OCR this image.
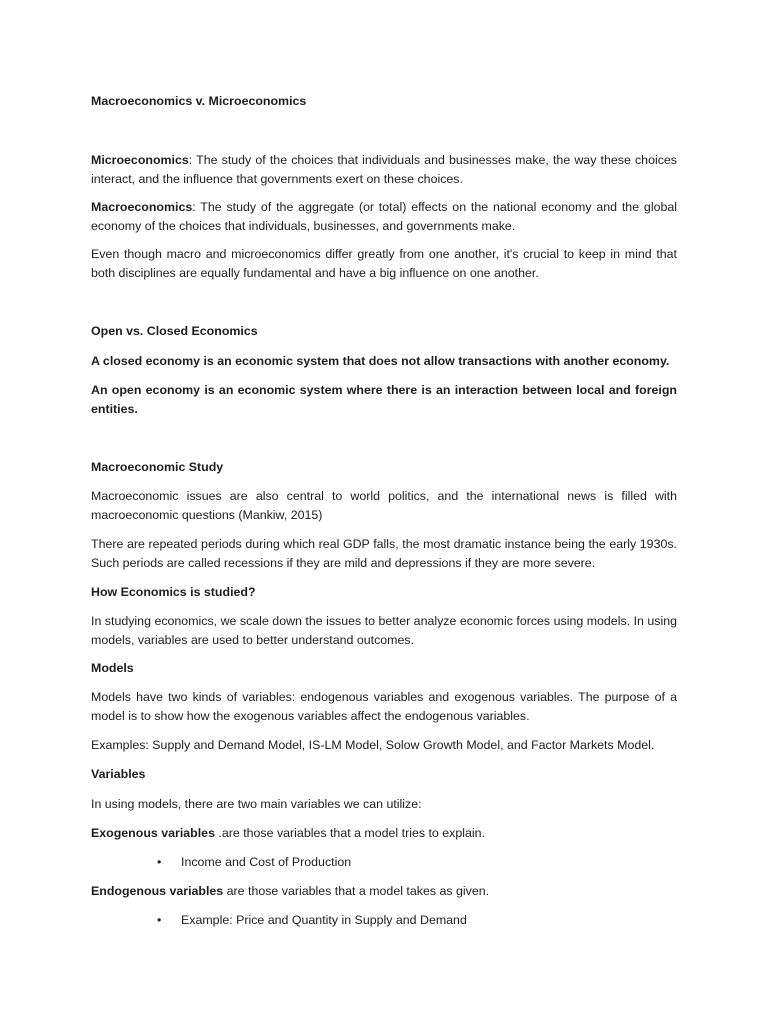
Macroeconomics v. Microeconomics

Microeconomics: The study of the choices that individuals and businesses make, the way these choices interact, and the influence that governments exert on these choices.

Macroeconomics: The study of the aggregate (or total) effects on the national economy and the global economy of the choices that individuals, businesses, and governments make.

Even though macro and microeconomics differ greatly from one another, it's crucial to keep in mind that both disciplines are equally fundamental and have a big influence on one another.

Open vs. Closed Economics

A closed economy is an economic system that does not allow transactions with another economy.

An open economy is an economic system where there is an interaction between local and foreign entities.

Macroeconomic Study

Macroeconomic issues are also central to world politics, and the international news is filled with macroeconomic questions (Mankiw, 2015)

There are repeated periods during which real GDP falls, the most dramatic instance being the early 1930s. Such periods are called recessions if they are mild and depressions if they are more severe.

How Economics is studied?

In studying economics, we scale down the issues to better analyze economic forces using models. In using models, variables are used to better understand outcomes.

Models

Models have two kinds of variables: endogenous variables and exogenous variables. The purpose of a model is to show how the exogenous variables affect the endogenous variables.

Examples: Supply and Demand Model, IS-LM Model, Solow Growth Model, and Factor Markets Model.

Variables

In using models, there are two main variables we can utilize:

Exogenous variables .are those variables that a model tries to explain.

• Income and Cost of Production

Endogenous variables are those variables that a model takes as given.

• Example: Price and Quantity in Supply and Demand
